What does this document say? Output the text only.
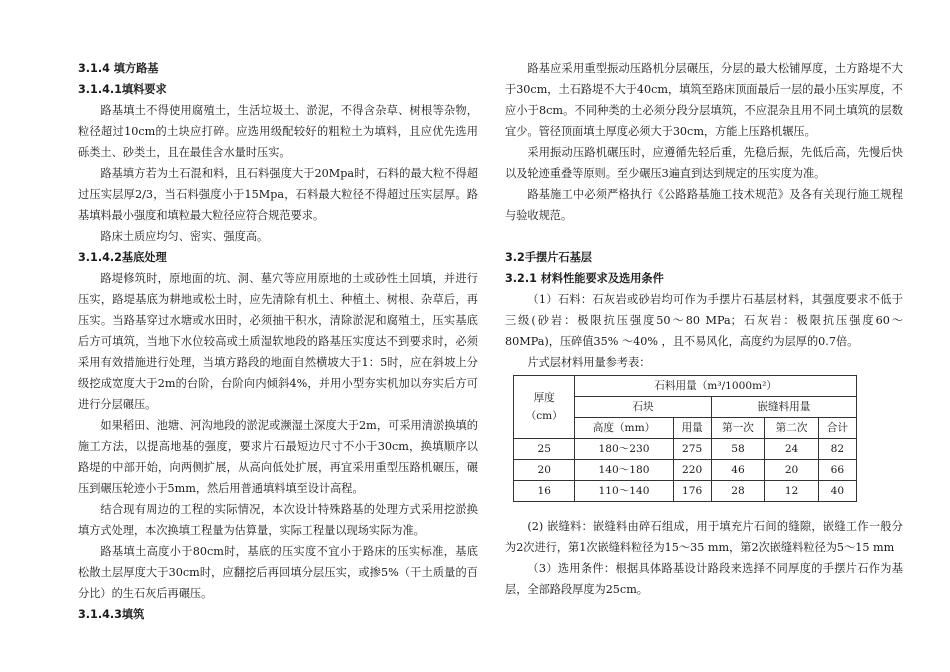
3.1.4 填方路基
3.1.4.1填料要求

路基填土不得使用腐殖土，生活垃圾土、淤泥，不得含杂草、树根等杂物，粒径超过10cm的土块应打碎。应选用级配较好的粗粒土为填料，且应优先选用砾类土、砂类土，且在最佳含水量时压实。

路基填方若为土石混和料，且石料强度大于20Mpa时，石料的最大粒不得超过压实层厚2/3，当石料强度小于15Mpa，石料最大粒径不得超过压实层厚。路基填料最小强度和填粒最大粒径应符合规范要求。

路床土质应均匀、密实、强度高。

3.1.4.2基底处理

路堤修筑时，原地面的坑、洞、墓穴等应用原地的土或砂性土回填，并进行压实，路堤基底为耕地或松土时，应先清除有机土、种植土、树根、杂草后，再压实。当路基穿过水塘或水田时，必须抽干积水，清除淤泥和腐殖土，压实基底后方可填筑，当地下水位较高或土质湿软地段的路基压实度达不到要求时，必须采用有效措施进行处理，当填方路段的地面自然横坡大于1：5时，应在斜坡上分级挖成宽度大于2m的台阶，台阶向内倾斜4%，并用小型夯实机加以夯实后方可进行分层碾压。

如果稻田、池塘、河沟地段的淤泥或濒湿土深度大于2m，可采用清淤换填的施工方法，以提高地基的强度，要求片石最短边尺寸不小于30cm，换填顺序以路堤的中部开始，向两侧扩展，从高向低处扩展，再宜采用重型压路机碾压，碾压到碾压轮迹小于5mm，然后用普通填料填至设计高程。

结合现有周边的工程的实际情况，本次设计特殊路基的处理方式采用挖淤换填方式处理，本次换填工程量为估算量，实际工程量以现场实际为准。

路基填土高度小于80cm时，基底的压实度不宜小于路床的压实标准，基底松散土层厚度大于30cm时，应翻挖后再回填分层压实，或掺5%（干土质量的百分比）的生石灰后再碾压。

3.1.4.3填筑

路基应采用重型振动压路机分层碾压，分层的最大松铺厚度，土方路堤不大于30cm，土石路堤不大于40cm，填筑至路床顶面最后一层的最小压实厚度，不应小于8cm。不同种类的土必须分段分层填筑，不应混杂且用不同土填筑的层数宜少。管径顶面填土厚度必须大于30cm，方能上压路机辗压。

采用振动压路机碾压时，应遵循先轻后重，先稳后振，先低后高，先慢后快以及轮迹重叠等原则。至少碾压3遍直到达到规定的压实度为准。

路基施工中必须严格执行《公路路基施工技术规范》及各有关现行施工规程与验收规范。

3.2手摆片石基层
3.2.1 材料性能要求及选用条件

（1）石料：石灰岩或砂岩均可作为手摆片石基层材料，其强度要求不低于三级(砂岩：极限抗压强度50～80 MPa；石灰岩：极限抗压强度60～80MPa)，压碎值35% ～40% ，且不易风化，高度约为层厚的0.7倍。

片式层材料用量参考表：

厚度
（cm）	石料用量（m³/1000m²）				
	石块		嵌缝料用量		
	高度（mm）	用量	第一次	第二次	合计
25	180～230	275	58	24	82
20	140～180	220	46	20	66
16	110～140	176	28	12	40

(2) 嵌缝料：嵌缝料由碎石组成，用于填充片石间的缝隙，嵌缝工作一般分为2次进行，第1次嵌缝料粒径为15～35 mm，第2次嵌缝料粒径为5～15 mm

（3）选用条件：根据具体路基设计路段来选择不同厚度的手摆片石作为基层，全部路段厚度为25cm。
